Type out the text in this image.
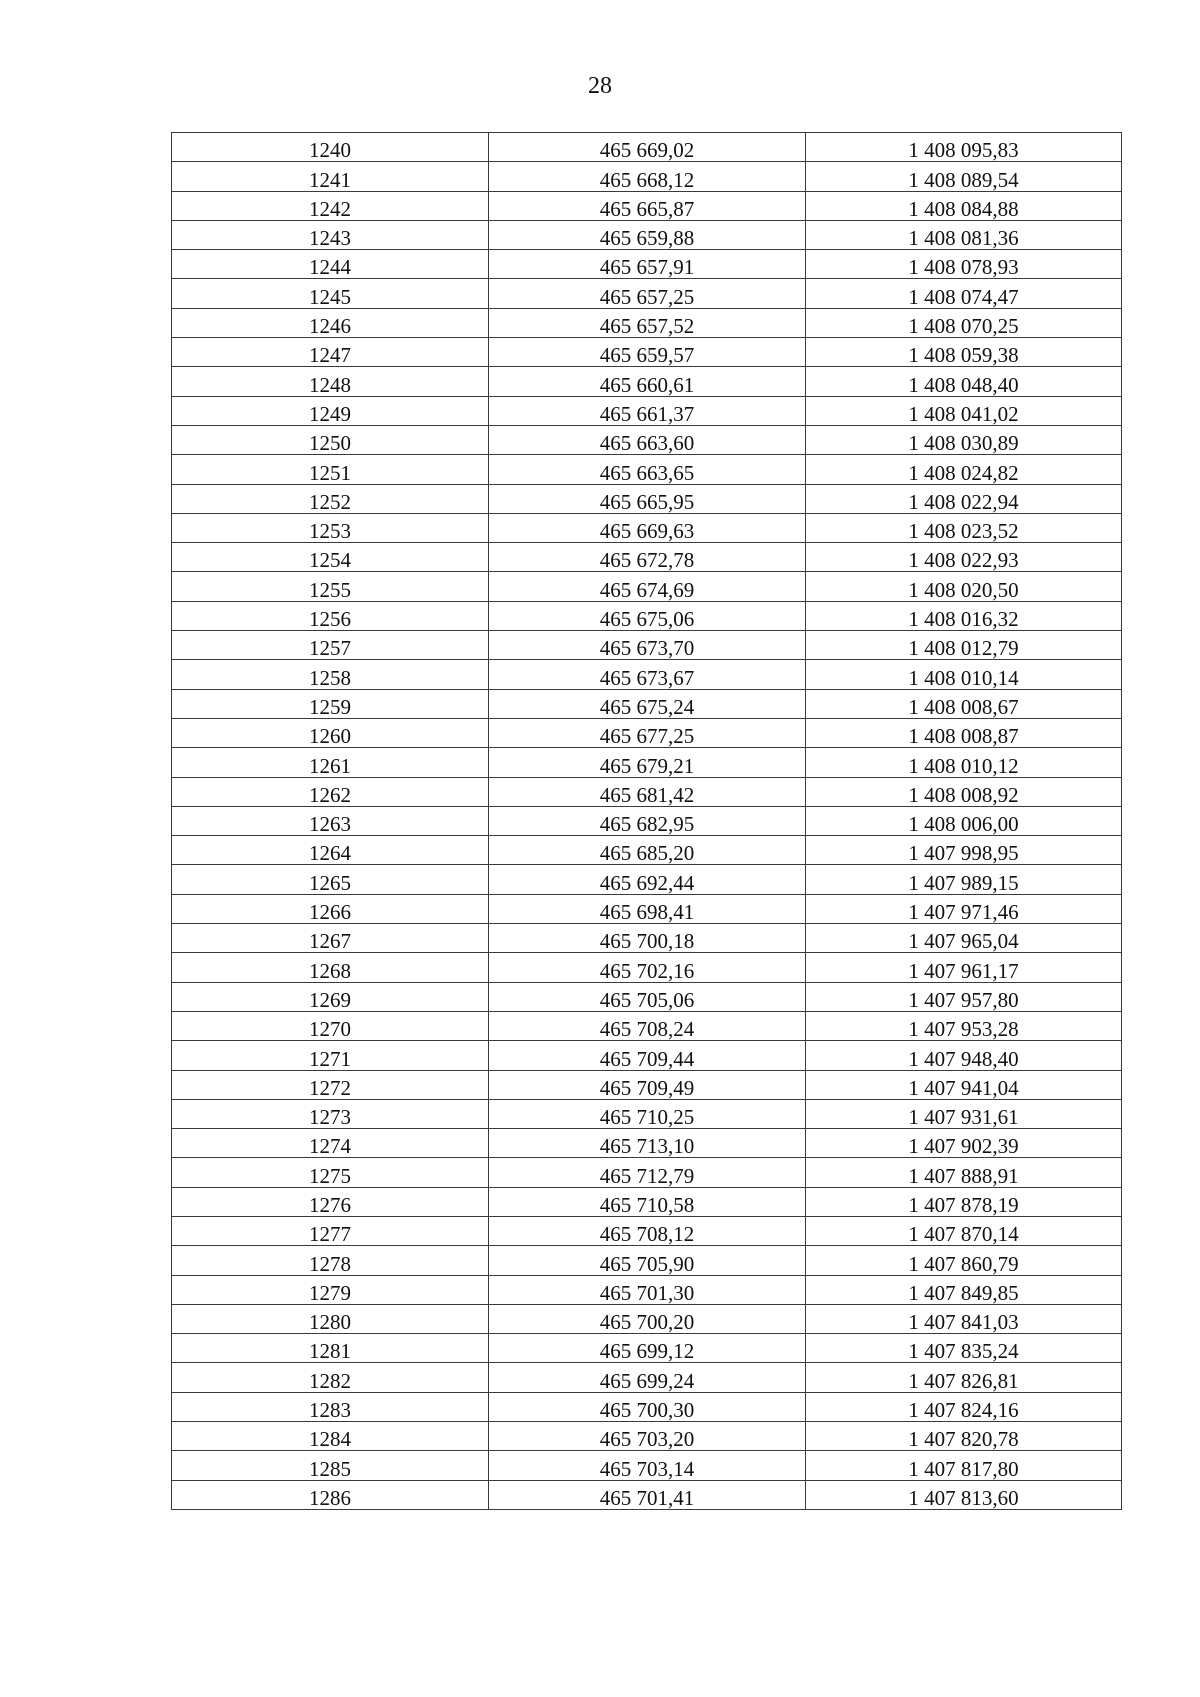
28
1240	465 669,02	1 408 095,83
1241	465 668,12	1 408 089,54
1242	465 665,87	1 408 084,88
1243	465 659,88	1 408 081,36
1244	465 657,91	1 408 078,93
1245	465 657,25	1 408 074,47
1246	465 657,52	1 408 070,25
1247	465 659,57	1 408 059,38
1248	465 660,61	1 408 048,40
1249	465 661,37	1 408 041,02
1250	465 663,60	1 408 030,89
1251	465 663,65	1 408 024,82
1252	465 665,95	1 408 022,94
1253	465 669,63	1 408 023,52
1254	465 672,78	1 408 022,93
1255	465 674,69	1 408 020,50
1256	465 675,06	1 408 016,32
1257	465 673,70	1 408 012,79
1258	465 673,67	1 408 010,14
1259	465 675,24	1 408 008,67
1260	465 677,25	1 408 008,87
1261	465 679,21	1 408 010,12
1262	465 681,42	1 408 008,92
1263	465 682,95	1 408 006,00
1264	465 685,20	1 407 998,95
1265	465 692,44	1 407 989,15
1266	465 698,41	1 407 971,46
1267	465 700,18	1 407 965,04
1268	465 702,16	1 407 961,17
1269	465 705,06	1 407 957,80
1270	465 708,24	1 407 953,28
1271	465 709,44	1 407 948,40
1272	465 709,49	1 407 941,04
1273	465 710,25	1 407 931,61
1274	465 713,10	1 407 902,39
1275	465 712,79	1 407 888,91
1276	465 710,58	1 407 878,19
1277	465 708,12	1 407 870,14
1278	465 705,90	1 407 860,79
1279	465 701,30	1 407 849,85
1280	465 700,20	1 407 841,03
1281	465 699,12	1 407 835,24
1282	465 699,24	1 407 826,81
1283	465 700,30	1 407 824,16
1284	465 703,20	1 407 820,78
1285	465 703,14	1 407 817,80
1286	465 701,41	1 407 813,60
